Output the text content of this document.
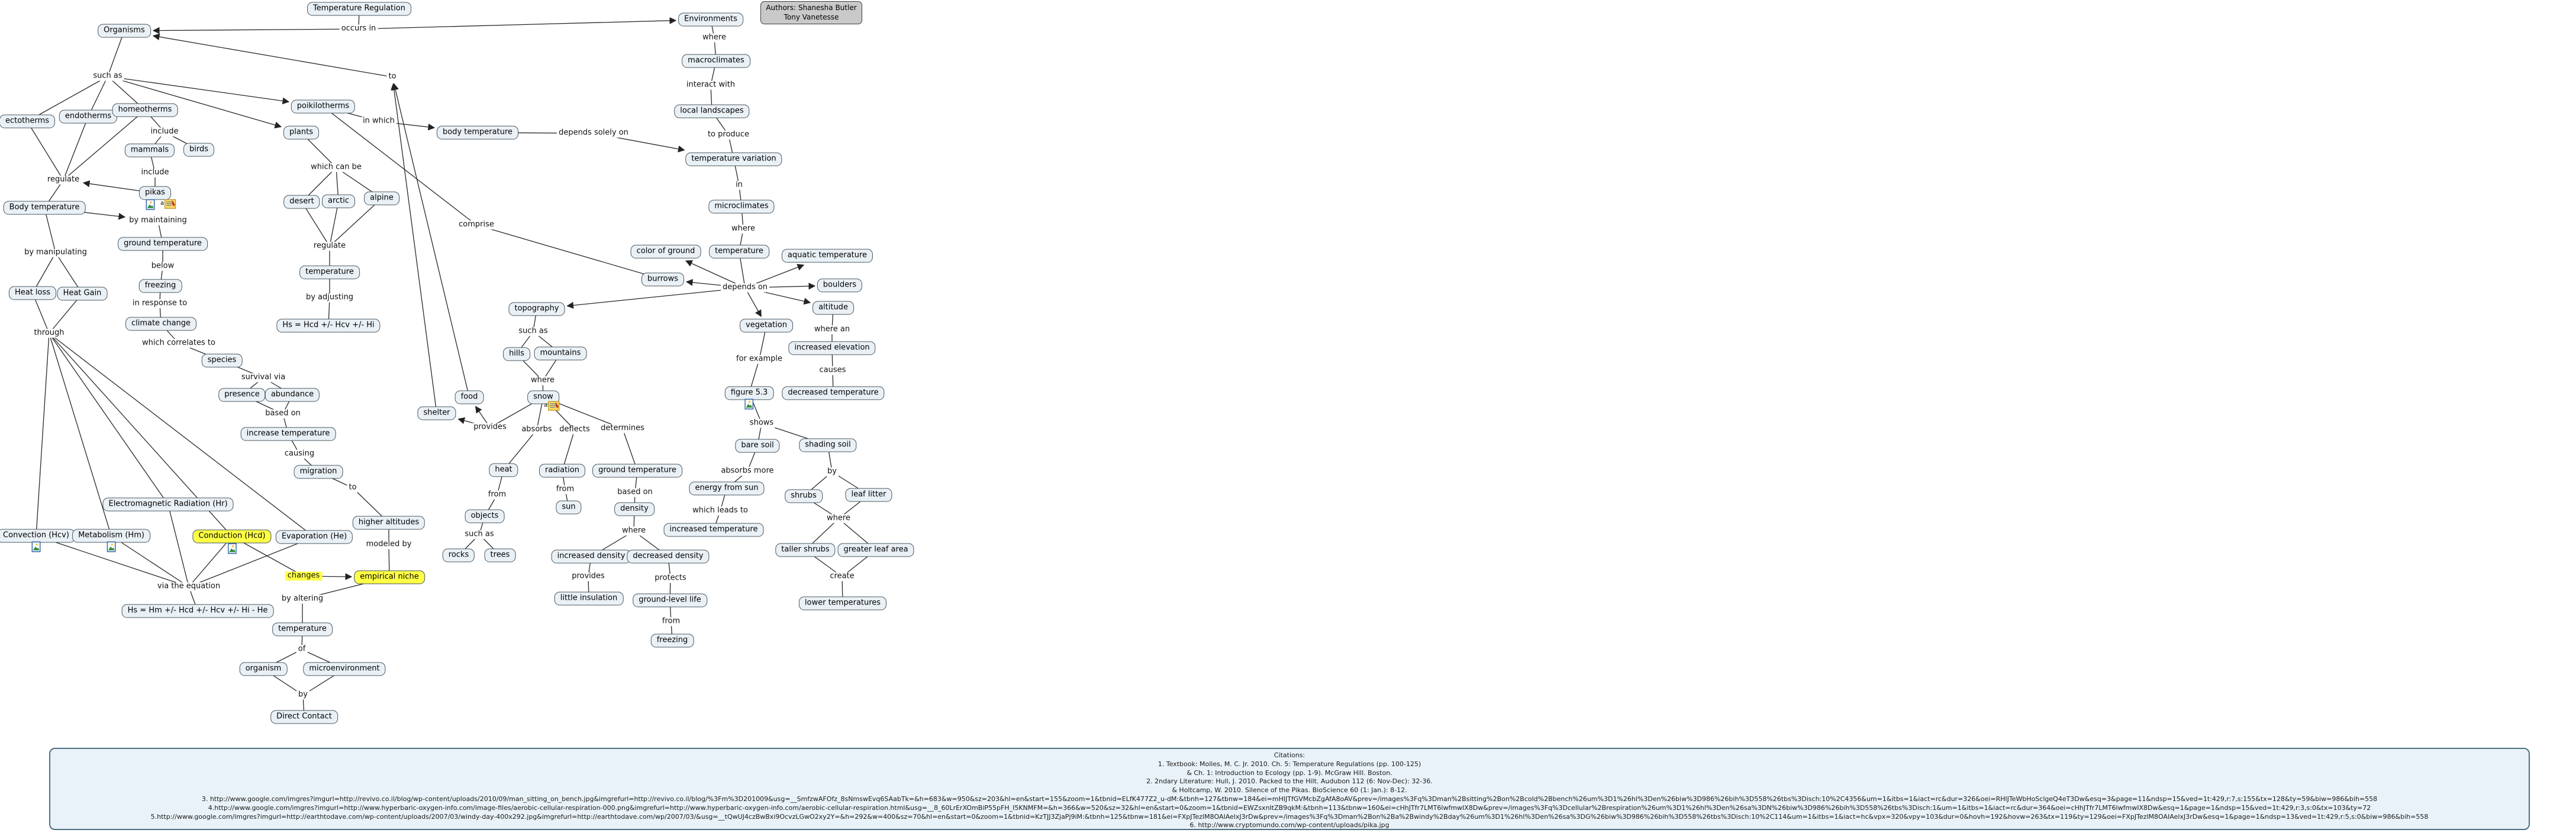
Authors: Shanesha Butler
Tony Vanetesse
Citations:
1. Textbook: Molles, M. C. Jr. 2010. Ch. 5: Temperature Regulations (pp. 100-125)
& Ch. 1: Introduction to Ecology (pp. 1-9). McGraw Hill. Boston.
2. 2ndary Literature: Hull, J. 2010. Packed to the Hilt. Audubon 112 (6: Nov-Dec): 32-36.
& Holtcamp, W. 2010. Silence of the Pikas. BioScience 60 (1: Jan.): 8-12.
3. http://www.google.com/imgres?imgurl=http://revivo.co.il/blog/wp-content/uploads/2010/09/man_sitting_on_bench.jpg&imgrefurl=http://revivo.co.il/blog/%3Fm%3D201009&usg=__SmfzwAFOfz_8sNmswEvq6SAabTk=&h=683&w=950&sz=203&hl=en&start=155&zoom=1&tbnid=ELfK477Z2_u-dM:&tbnh=127&tbnw=184&ei=mHIJTfGVMcbZgAfA8oAV&prev=/images%3Fq%3Dman%2Bsitting%2Bon%2Bcold%2Bbench%26um%3D1%26hl%3Den%26biw%3D986%26bih%3D558%26tbs%3Disch:10%2C4356&um=1&itbs=1&iact=rc&dur=326&oei=RHlJTeWbHoSclgeQ4eT3Dw&esq=3&page=11&ndsp=15&ved=1t:429,r:7,s:155&tx=128&ty=59&biw=986&bih=558
4.http://www.google.com/imgres?imgurl=http://www.hyperbaric-oxygen-info.com/image-files/aerobic-cellular-respiration-000.png&imgrefurl=http://www.hyperbaric-oxygen-info.com/aerobic-cellular-respiration.html&usg=__8_60LrErXOmBiP55pFH_I5KNMFM=&h=366&w=520&sz=32&hl=en&start=0&zoom=1&tbnid=EWZsxnItZB9qkM:&tbnh=113&tbnw=160&ei=cHhJTfr7LMT6lwfmwIX8Dw&prev=/images%3Fq%3Dcellular%2Brespiration%26um%3D1%26hl%3Den%26sa%3DN%26biw%3D986%26bih%3D558%26tbs%3Disch:1&um=1&itbs=1&iact=rc&dur=364&oei=cHhJTfr7LMT6lwfmwIX8Dw&esq=1&page=1&ndsp=15&ved=1t:429,r:3,s:0&tx=103&ty=72
5.http://www.google.com/imgres?imgurl=http://earthtodave.com/wp-content/uploads/2007/03/windy-day-400x292.jpg&imgrefurl=http://earthtodave.com/wp/2007/03/&usg=__tQwUJ4czBwBxi9OcvzLGwO2xy2Y=&h=292&w=400&sz=70&hl=en&start=0&zoom=1&tbnid=KzTJJ3ZjaPj9iM:&tbnh=125&tbnw=181&ei=FXpJTezlM8OAIAelxJ3rDw&prev=/images%3Fq%3Dman%2Bon%2Ba%2Bwindy%2Bday%26um%3D1%26hl%3Den%26sa%3DG%26biw%3D986%26bih%3D558%26tbs%3Disch:10%2C114&um=1&itbs=1&iact=hc&vpx=320&vpy=103&dur=0&hovh=192&hovw=263&tx=119&ty=129&oei=FXpJTezlM8OAIAelxJ3rDw&esq=1&page=1&ndsp=13&ved=1t:429,r:5,s:0&biw=986&bih=558
6. http://www.cryptomundo.com/wp-content/uploads/pika.jpg
Temperature Regulation
Organisms
Environments
occurs in
such as	to
ectotherms
endotherms
homeotherms
include
mammals	birds
include
pikas
a
regulate
Body temperature
by maintaining
ground temperature
below
freezing
in response to
climate change
which correlates to
species
survival via
presence	abundance
based on
increase temperature
causing
migration
to
higher altitudes
modeled by
empirical niche
by manipulating
Heat loss	Heat Gain
through
Electromagnetic Radiation (Hr)
Convection (Hcv)	Metabolism (Hm)	Conduction (Hcd)	Evaporation (He)
via the equation
Hs = Hm +/- Hcd +/- Hcv +/- Hi - He
changes
by altering
temperature
of
organism	microenvironment
by
Direct Contact
poikilotherms
in which
body temperature	depends solely on
plants
which can be
desert	arctic	alpine
regulate
temperature
by adjusting
Hs = Hcd +/- Hcv +/- Hi
comprise
where
macroclimates
interact with
local landscapes
to produce
temperature variation
in
microclimates
where
temperature
color of ground
depends on
burrows
aquatic temperature
boulders
altitude
where an
increased elevation
causes
decreased temperature
vegetation
for example
figure 5.3
shows
bare soil	shading soil
absorbs more
energy from sun
which leads to
increased temperature
by
shrubs	leaf litter
where
taller shrubs	greater leaf area
create
lower temperatures
topography
such as
hills	mountains
where
snow
a
provides
food
shelter
absorbs deflects determines
heat
from
objects
such as
rocks	trees
radiation
from
sun
ground temperature
based on
density
where
increased density decreased density
provides
little insulation
protects
ground-level life
from
freezing
